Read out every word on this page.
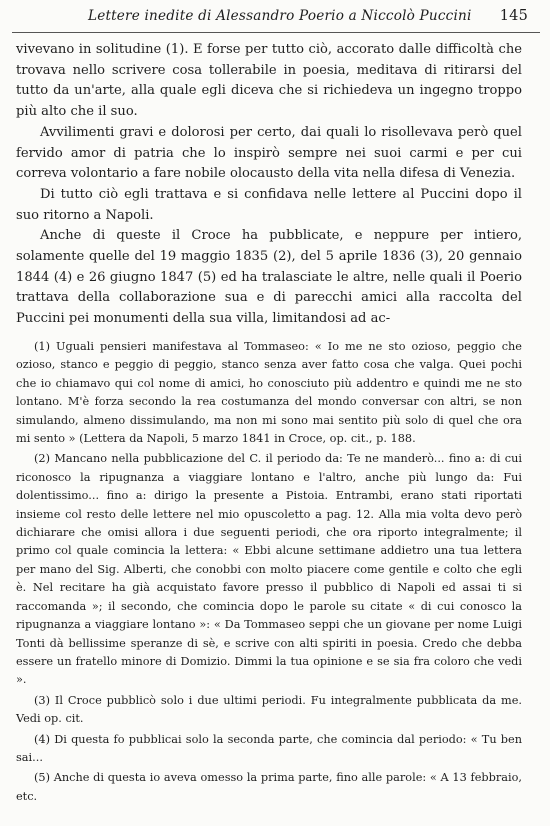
Lettere inedite di Alessandro Poerio a Niccolò Puccini 145

vivevano in solitudine (1). E forse per tutto ciò, accorato dalle difficoltà che trovava nello scrivere cosa tollerabile in poesia, meditava di ritirarsi del tutto da un'arte, alla quale egli diceva che si richiedeva un ingegno troppo più alto che il suo.

Avvilimenti gravi e dolorosi per certo, dai quali lo risollevava però quel fervido amor di patria che lo inspirò sempre nei suoi carmi e per cui correva volontario a fare nobile olocausto della vita nella difesa di Venezia.

Di tutto ciò egli trattava e si confidava nelle lettere al Puccini dopo il suo ritorno a Napoli.

Anche di queste il Croce ha pubblicate, e neppure per intiero, solamente quelle del 19 maggio 1835 (2), del 5 aprile 1836 (3), 20 gennaio 1844 (4) e 26 giugno 1847 (5) ed ha tralasciate le altre, nelle quali il Poerio trattava della collaborazione sua e di parecchi amici alla raccolta del Puccini pei monumenti della sua villa, limitandosi ad ac-

(1) Uguali pensieri manifestava al Tommaseo: « Io me ne sto ozioso, peggio che ozioso, stanco e peggio di peggio, stanco senza aver fatto cosa che valga. Quei pochi che io chiamavo qui col nome di amici, ho conosciuto più addentro e quindi me ne sto lontano. M'è forza secondo la rea costumanza del mondo conversar con altri, se non simulando, almeno dissimulando, ma non mi sono mai sentito più solo di quel che ora mi sento » (Lettera da Napoli, 5 marzo 1841 in Croce, op. cit., p. 188.

(2) Mancano nella pubblicazione del C. il periodo da: Te ne manderò... fino a: di cui riconosco la ripugnanza a viaggiare lontano e l'altro, anche più lungo da: Fui dolentissimo... fino a: dirigo la presente a Pistoia. Entrambi, erano stati riportati insieme col resto delle lettere nel mio opuscoletto a pag. 12. Alla mia volta devo però dichiarare che omisi allora i due seguenti periodi, che ora riporto integralmente; il primo col quale comincia la lettera: « Ebbi alcune settimane addietro una tua lettera per mano del Sig. Alberti, che conobbi con molto piacere come gentile e colto che egli è. Nel recitare ha già acquistato favore presso il pubblico di Napoli ed assai ti si raccomanda »; il secondo, che comincia dopo le parole su citate « di cui conosco la ripugnanza a viaggiare lontano »: « Da Tommaseo seppi che un giovane per nome Luigi Tonti dà bellissime speranze di sè, e scrive con alti spiriti in poesia. Credo che debba essere un fratello minore di Domizio. Dimmi la tua opinione e se sia fra coloro che vedi ».

(3) Il Croce pubblicò solo i due ultimi periodi. Fu integralmente pubblicata da me. Vedi op. cit.

(4) Di questa fo pubblicai solo la seconda parte, che comincia dal periodo: « Tu ben sai...

(5) Anche di questa io aveva omesso la prima parte, fino alle parole: « A 13 febbraio, etc.
